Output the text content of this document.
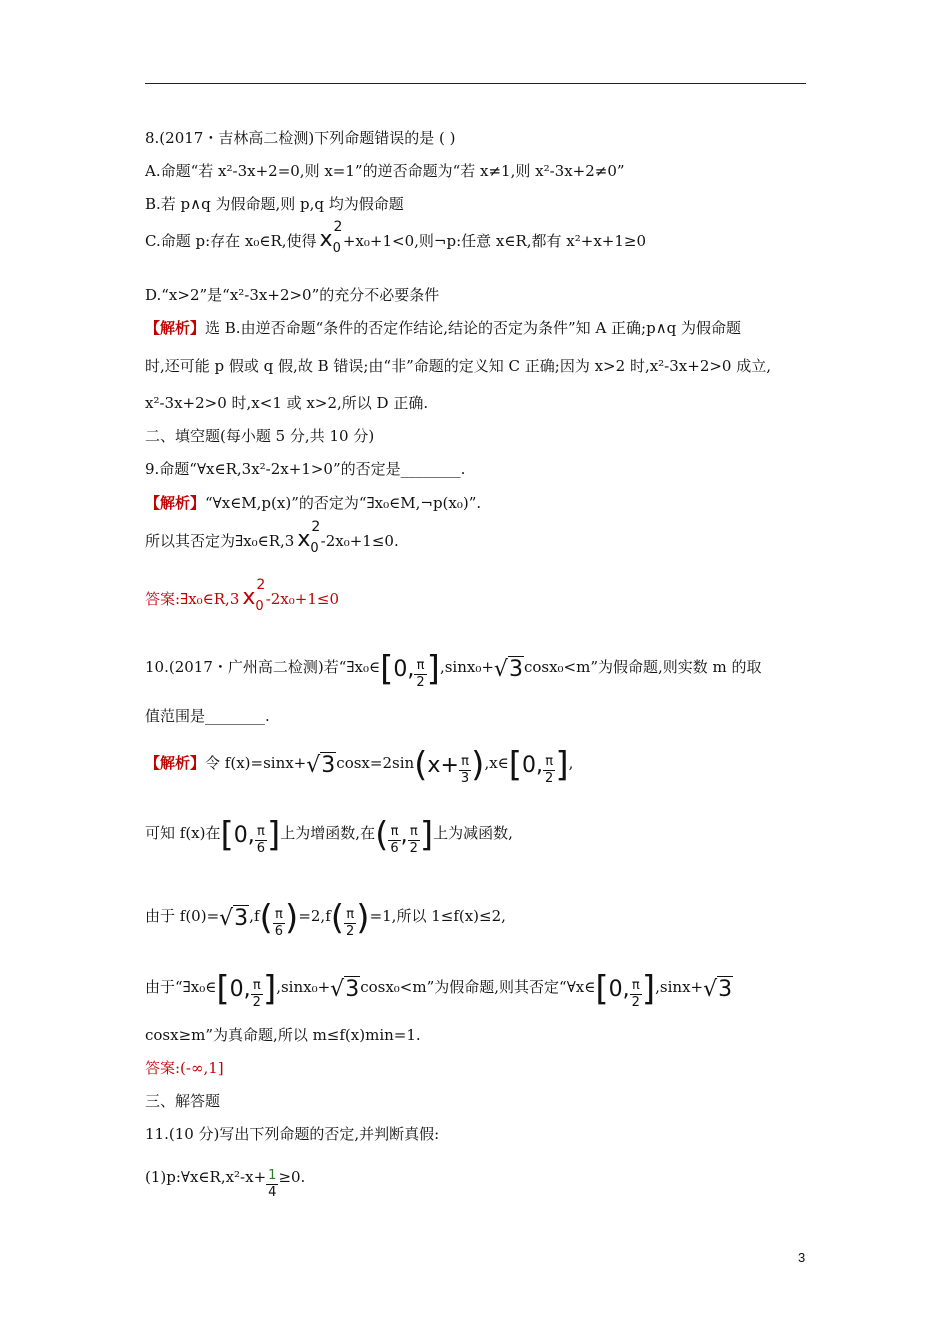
8.(2017・吉林高二检测)下列命题错误的是 ( )
A.命题“若 x²-3x+2=0,则 x=1”的逆否命题为“若 x≠1,则 x²-3x+2≠0”
B.若 p∧q 为假命题,则 p,q 均为假命题
C.命题 p:存在 x₀∈R,使得 $x_0$
2
+x₀+1<0,则¬p:任意 x∈R,都有 x²+x+1≥0
D.“x>2”是“x²-3x+2>0”的充分不必要条件
【解析】选 B.由逆否命题“条件的否定作结论,结论的否定为条件”知 A 正确;p∧q 为假命题
时,还可能 p 假或 q 假,故 B 错误;由“非”命题的定义知 C 正确;因为 x>2 时,x²-3x+2>0 成立,
x²-3x+2>0 时,x<1 或 x>2,所以 D 正确.
二、填空题(每小题 5 分,共 10 分)
9.命题“∀x∈R,3x²-2x+1>0”的否定是________.
【解析】“∀x∈M,p(x)”的否定为“∃x₀∈M,¬p(x₀)”.
所以其否定为∃x₀∈R,3 $x_0$
2
-2x₀+1≤0.
答案:∃x₀∈R,3 $x_0$
2
-2x₀+1≤0
10.(2017・广州高二检测)若“∃x₀∈[0, $\frac{\pi}{2} ],\sin x_0+√3\cos x_0<m$”为假命题,则实数 m 的取
值范围是________.
【解析】令 $f(x)=\sin x+√3\cos x=2\sin(x+ \frac{\pi}{3}$ ),x∈[0, $\frac{\pi}{2}$ ],
可知 f(x)在[0, $\frac{\pi}{6}$ ]上为增函数,在( $\frac{\pi}{6}$ , $\frac{\pi}{2}$ ]上为减函数,
由于 $f(0)=√3,f( \frac{\pi}{6} )=2,f( \frac{\pi}{2} )=1$,所以 1≤f(x)≤2,
由于“∃x₀∈[0, $\frac{\pi}{2} ],\sin x_0+√3\cos x_0<m$”为假命题,则其否定“∀x∈[0, $\frac{\pi}{2} ],\sin x+√3$
cosx≥m”为真命题,所以 m≤f(x)min=1.
答案:(-∞,1]
三、解答题
11.(10 分)写出下列命题的否定,并判断真假:
(1)p:∀x∈R,x²-x+ $\frac{1}{4} \ge 0$.
3
